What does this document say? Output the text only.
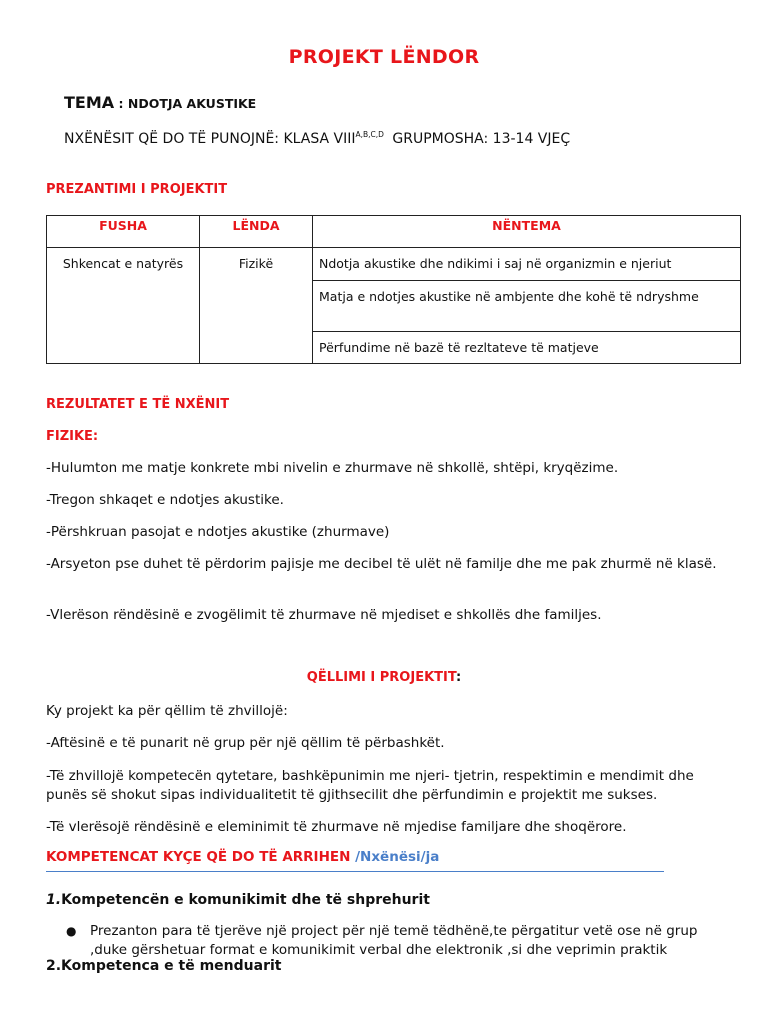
PROJEKT LËNDOR
TEMA : NDOTJA AKUSTIKE
NXËNËSIT QË DO TË PUNOJNË: KLASA $VIII^{A,B,C,D}$ GRUPMOSHA: 13-14 VJEÇ
PREZANTIMI I PROJEKTIT
FUSHA	LËNDA	NËNTEMA
Shkencat e natyrës	Fizikë	Ndotja akustike dhe ndikimi i saj në organizmin e njeriut
		Matja e ndotjes akustike në ambjente dhe kohë të ndryshme
		Përfundime në bazë të rezltateve të matjeve
REZULTATET E TË NXËNIT
FIZIKE:
-Hulumton me matje konkrete mbi nivelin e zhurmave në shkollë, shtëpi, kryqëzime.
-Tregon shkaqet e ndotjes akustike.
-Përshkruan pasojat e ndotjes akustike (zhurmave)
-Arsyeton pse duhet të përdorim pajisje me decibel të ulët në familje dhe me pak zhurmë në klasë.
-Vlerëson rëndësinë e zvogëlimit të zhurmave në mjediset e shkollës dhe familjes.
QËLLIMI I PROJEKTIT:
Ky projekt ka për qëllim të zhvillojë:
-Aftësinë e të punarit në grup për një qëllim të përbashkët.
-Të zhvillojë kompetecën qytetare, bashkëpunimin me njeri- tjetrin, respektimin e mendimit dhe punës së shokut sipas individualitetit të gjithsecilit dhe përfundimin e projektit me sukses.
-Të vlerësojë rëndësinë e eleminimit të zhurmave në mjedise familjare dhe shoqërore.
KOMPETENCAT KYÇE QË DO TË ARRIHEN /Nxënësi/ja
1.Kompetencën e komunikimit dhe të shprehurit
● Prezanton para të tjerëve një project për një temë tëdhënë,te përgatitur vetë ose në grup ,duke gërshetuar format e komunikimit verbal dhe elektronik ,si dhe veprimin praktik
2.Kompetenca e të menduarit
